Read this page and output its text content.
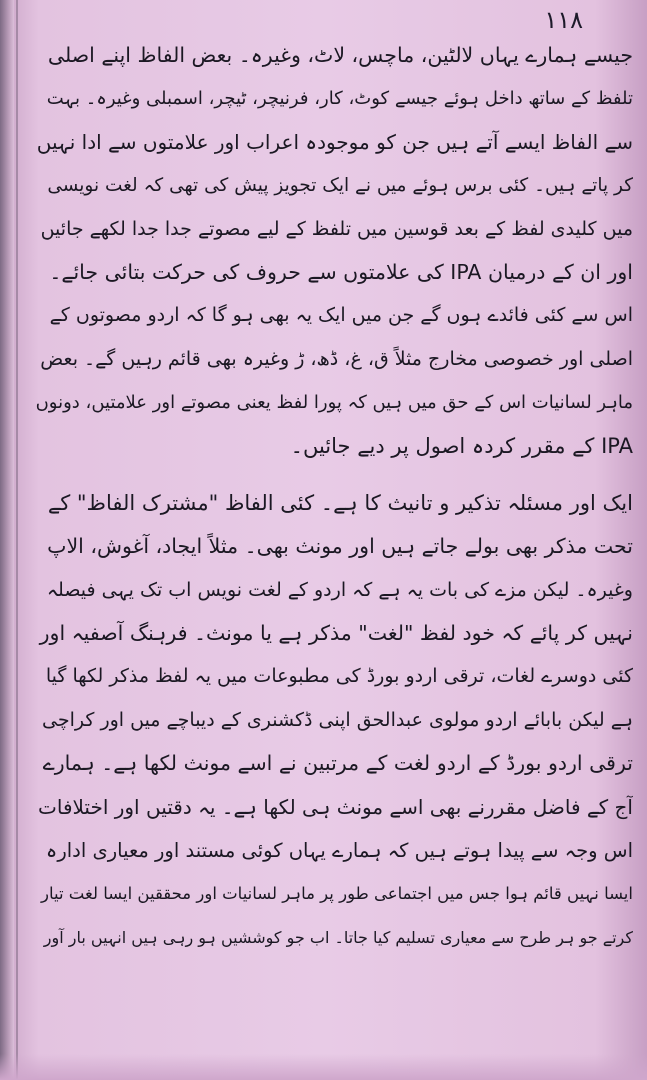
۱۱۸
جیسے ہمارے یہاں لالٹین، ماچس، لاٹ، وغیرہ۔ بعض الفاظ اپنے اصلی
تلفظ کے ساتھ داخل ہوئے جیسے کوٹ، کار، فرنیچر، ٹیچر، اسمبلی وغیرہ۔ بہت
سے الفاظ ایسے آتے ہیں جن کو موجودہ اعراب اور علامتوں سے ادا نہیں
کر پاتے ہیں۔ کئی برس ہوئے میں نے ایک تجویز پیش کی تھی کہ لغت نویسی
میں کلیدی لفظ کے بعد قوسین میں تلفظ کے لیے مصوتے جدا جدا لکھے جائیں
اور ان کے درمیان IPA کی علامتوں سے حروف کی حرکت بتائی جائے۔
اس سے کئی فائدے ہوں گے جن میں ایک یہ بھی ہو گا کہ اردو مصوتوں کے
اصلی اور خصوصی مخارج مثلاً ق، غ، ڈھ، ڑ وغیرہ بھی قائم رہیں گے۔ بعض
ماہر لسانیات اس کے حق میں ہیں کہ پورا لفظ یعنی مصوتے اور علامتیں، دونوں
IPA کے مقرر کردہ اصول پر دیے جائیں۔
ایک اور مسئلہ تذکیر و تانیث کا ہے۔ کئی الفاظ "مشترک الفاظ" کے
تحت مذکر بھی بولے جاتے ہیں اور مونث بھی۔ مثلاً ایجاد، آغوش، الاپ
وغیرہ۔ لیکن مزے کی بات یہ ہے کہ اردو کے لغت نویس اب تک یہی فیصلہ
نہیں کر پائے کہ خود لفظ "لغت" مذکر ہے یا مونث۔ فرہنگ آصفیہ اور
کئی دوسرے لغات، ترقی اردو بورڈ کی مطبوعات میں یہ لفظ مذکر لکھا گیا
ہے لیکن بابائے اردو مولوی عبدالحق اپنی ڈکشنری کے دیباچے میں اور کراچی
ترقی اردو بورڈ کے اردو لغت کے مرتبین نے اسے مونث لکھا ہے۔ ہمارے
آج کے فاضل مقررنے بھی اسے مونث ہی لکھا ہے۔ یہ دقتیں اور اختلافات
اس وجہ سے پیدا ہوتے ہیں کہ ہمارے یہاں کوئی مستند اور معیاری ادارہ
ایسا نہیں قائم ہوا جس میں اجتماعی طور پر ماہر لسانیات اور محققین ایسا لغت تیار
کرتے جو ہر طرح سے معیاری تسلیم کیا جاتا۔ اب جو کوششیں ہو رہی ہیں انہیں بار آور
